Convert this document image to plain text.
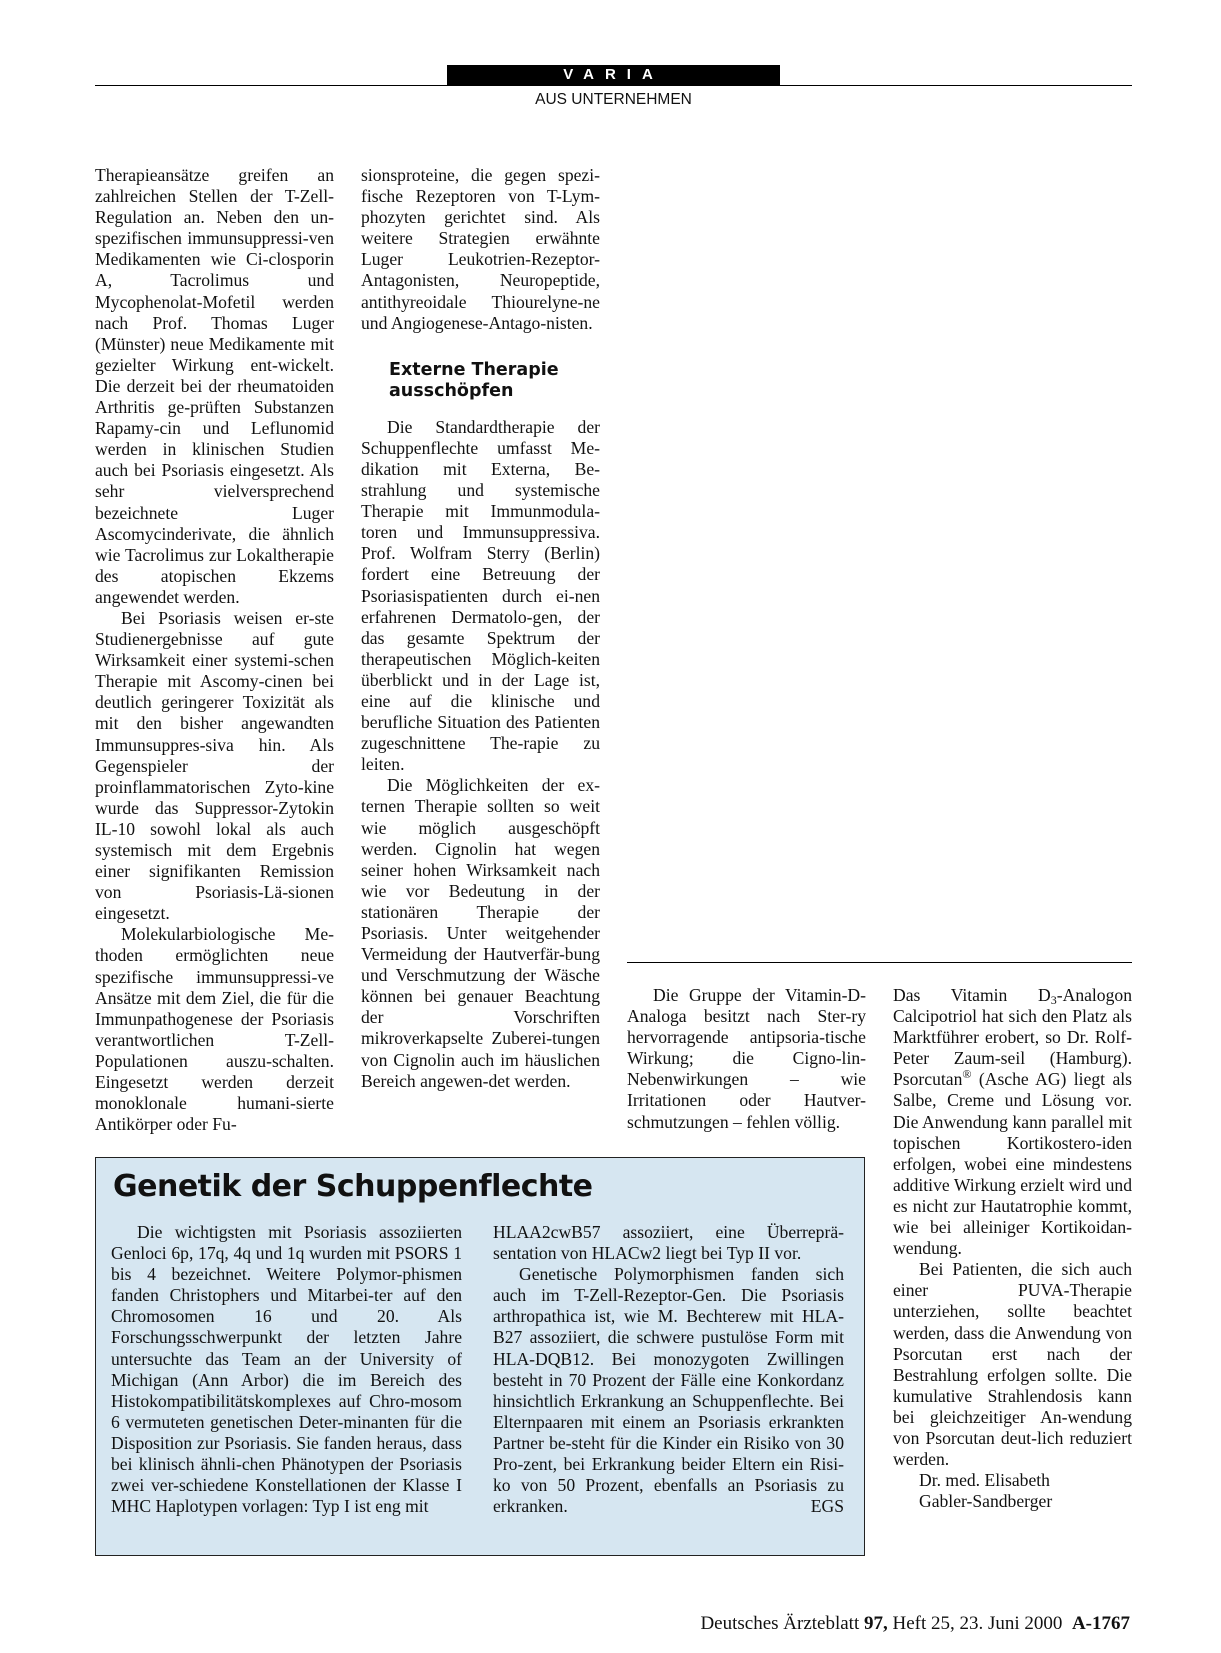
VARIA
AUS UNTERNEHMEN

Therapieansätze greifen an zahlreichen Stellen der T-Zell-Regulation an. Neben den un-spezifischen immunsuppressi-ven Medikamenten wie Ci-closporin A, Tacrolimus und Mycophenolat-Mofetil werden nach Prof. Thomas Luger (Münster) neue Medikamente mit gezielter Wirkung ent-wickelt. Die derzeit bei der rheumatoiden Arthritis ge-prüften Substanzen Rapamy-cin und Leflunomid werden in klinischen Studien auch bei Psoriasis eingesetzt. Als sehr vielversprechend bezeichnete Luger Ascomycinderivate, die ähnlich wie Tacrolimus zur Lokaltherapie des atopischen Ekzems angewendet werden.

Bei Psoriasis weisen er-ste Studienergebnisse auf gute Wirksamkeit einer systemi-schen Therapie mit Ascomy-cinen bei deutlich geringerer Toxizität als mit den bisher angewandten Immunsuppres-siva hin. Als Gegenspieler der proinflammatorischen Zyto-kine wurde das Suppressor-Zytokin IL-10 sowohl lokal als auch systemisch mit dem Ergebnis einer signifikanten Remission von Psoriasis-Lä-sionen eingesetzt.

Molekularbiologische Me-thoden ermöglichten neue spezifische immunsuppressi-ve Ansätze mit dem Ziel, die für die Immunpathogenese der Psoriasis verantwortlichen T-Zell-Populationen auszu-schalten. Eingesetzt werden derzeit monoklonale humani-sierte Antikörper oder Fu-

sionsproteine, die gegen spezi-fische Rezeptoren von T-Lym-phozyten gerichtet sind. Als weitere Strategien erwähnte Luger Leukotrien-Rezeptor-Antagonisten, Neuropeptide, antithyreoidale Thiourelyne-ne und Angiogenese-Antago-nisten.

Externe Therapie ausschöpfen

Die Standardtherapie der Schuppenflechte umfasst Me-dikation mit Externa, Be-strahlung und systemische Therapie mit Immunmodula-toren und Immunsuppressiva. Prof. Wolfram Sterry (Berlin) fordert eine Betreuung der Psoriasispatienten durch ei-nen erfahrenen Dermatolo-gen, der das gesamte Spektrum der therapeutischen Möglich-keiten überblickt und in der Lage ist, eine auf die klinische und berufliche Situation des Patienten zugeschnittene The-rapie zu leiten.

Die Möglichkeiten der ex-ternen Therapie sollten so weit wie möglich ausgeschöpft werden. Cignolin hat wegen seiner hohen Wirksamkeit nach wie vor Bedeutung in der stationären Therapie der Psoriasis. Unter weitgehender Vermeidung der Hautverfär-bung und Verschmutzung der Wäsche können bei genauer Beachtung der Vorschriften mikroverkapselte Zuberei-tungen von Cignolin auch im häuslichen Bereich angewen-det werden.

Die Gruppe der Vitamin-D-Analoga besitzt nach Ster-ry hervorragende antipsoria-tische Wirkung; die Cigno-lin-Nebenwirkungen – wie Irritationen oder Hautver-schmutzungen – fehlen völlig.

Das Vitamin $D_3$-Analogon Calcipotriol hat sich den Platz als Marktführer erobert, so Dr. Rolf-Peter Zaum-seil (Hamburg). Psorcutan® (Asche AG) liegt als Salbe, Creme und Lösung vor. Die Anwendung kann parallel mit topischen Kortikostero-iden erfolgen, wobei eine mindestens additive Wirkung erzielt wird und es nicht zur Hautatrophie kommt, wie bei alleiniger Kortikoidan-wendung.

Bei Patienten, die sich auch einer PUVA-Therapie unterziehen, sollte beachtet werden, dass die Anwendung von Psorcutan erst nach der Bestrahlung erfolgen sollte. Die kumulative Strahlendosis kann bei gleichzeitiger An-wendung von Psorcutan deut-lich reduziert werden.

Dr. med. Elisabeth

Gabler-Sandberger

Genetik der Schuppenflechte

Die wichtigsten mit Psoriasis assoziierten Genloci 6p, 17q, 4q und 1q wurden mit PSORS 1 bis 4 bezeichnet. Weitere Polymor-phismen fanden Christophers und Mitarbei-ter auf den Chromosomen 16 und 20. Als Forschungsschwerpunkt der letzten Jahre untersuchte das Team an der University of Michigan (Ann Arbor) die im Bereich des Histokompatibilitätskomplexes auf Chro-mosom 6 vermuteten genetischen Deter-minanten für die Disposition zur Psoriasis. Sie fanden heraus, dass bei klinisch ähnli-chen Phänotypen der Psoriasis zwei ver-schiedene Konstellationen der Klasse I MHC Haplotypen vorlagen: Typ I ist eng mit

HLAA2cwB57 assoziiert, eine Überreprä-sentation von HLACw2 liegt bei Typ II vor.

Genetische Polymorphismen fanden sich auch im T-Zell-Rezeptor-Gen. Die Psoriasis arthropathica ist, wie M. Bechterew mit HLA-B27 assoziiert, die schwere pustulöse Form mit HLA-DQB12. Bei monozygoten Zwillingen besteht in 70 Prozent der Fälle eine Konkordanz hinsichtlich Erkrankung an Schuppenflechte. Bei Elternpaaren mit einem an Psoriasis erkrankten Partner be-steht für die Kinder ein Risiko von 30 Pro-zent, bei Erkrankung beider Eltern ein Risi-ko von 50 Prozent, ebenfalls an Psoriasis zu erkranken.	EGS

Deutsches Ärzteblatt 97, Heft 25, 23. Juni 2000 A-1767
